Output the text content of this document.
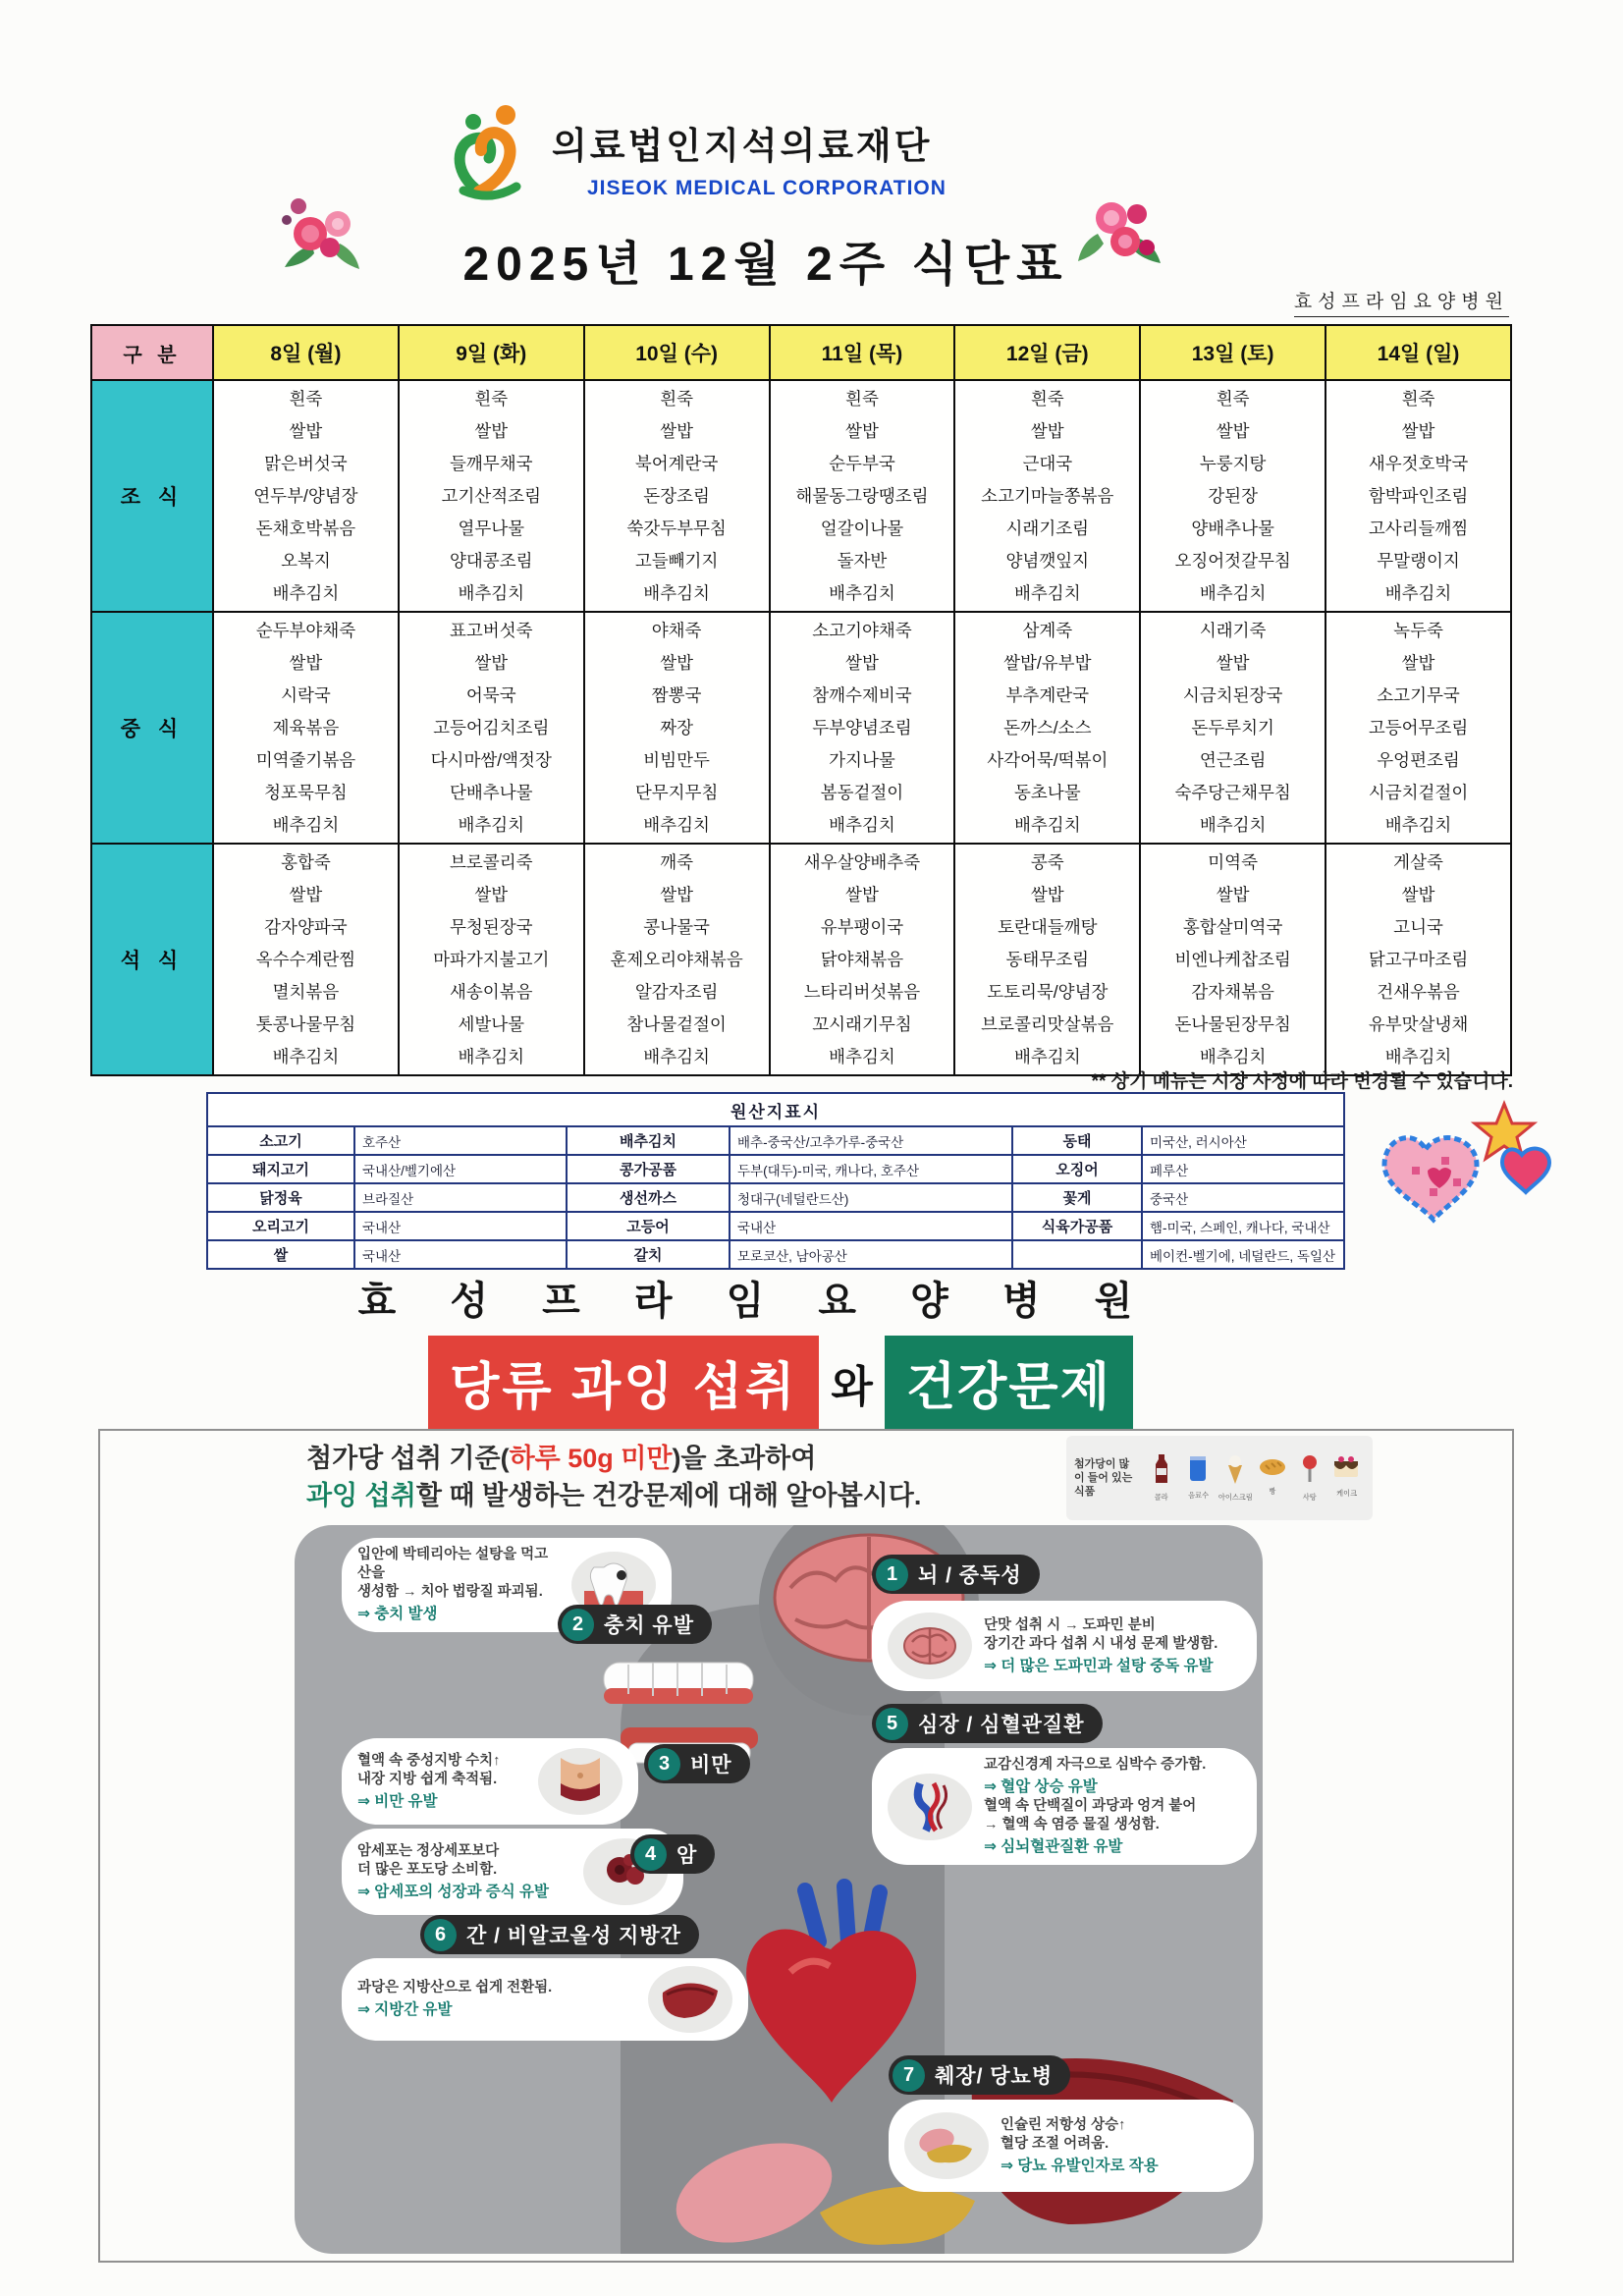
의료법인지석의료재단
JISEOK MEDICAL CORPORATION
2025년 12월 2주 식단표
효성프라임요양병원
구 분	8일 (월)	9일 (화)	10일 (수)	11일 (목)	12일 (금)	13일 (토)	14일 (일)
조 식	
흰죽
쌀밥
맑은버섯국
연두부/양념장
돈채호박볶음
오복지
배추김치

흰죽
쌀밥
들깨무채국
고기산적조림
열무나물
양대콩조림
배추김치

흰죽
쌀밥
북어계란국
돈장조림
쑥갓두부무침
고들빼기지
배추김치

흰죽
쌀밥
순두부국
해물동그랑땡조림
얼갈이나물
돌자반
배추김치

흰죽
쌀밥
근대국
소고기마늘쫑볶음
시래기조림
양념깻잎지
배추김치

흰죽
쌀밥
누룽지탕
강된장
양배추나물
오징어젓갈무침
배추김치

흰죽
쌀밥
새우젓호박국
함박파인조림
고사리들깨찜
무말랭이지
배추김치

중 식	
순두부야채죽
쌀밥
시락국
제육볶음
미역줄기볶음
청포묵무침
배추김치

표고버섯죽
쌀밥
어묵국
고등어김치조림
다시마쌈/액젓장
단배추나물
배추김치

야채죽
쌀밥
짬뽕국
짜장
비빔만두
단무지무침
배추김치

소고기야채죽
쌀밥
참깨수제비국
두부양념조림
가지나물
봄동겉절이
배추김치

삼계죽
쌀밥/유부밥
부추계란국
돈까스/소스
사각어묵/떡볶이
동초나물
배추김치

시래기죽
쌀밥
시금치된장국
돈두루치기
연근조림
숙주당근채무침
배추김치

녹두죽
쌀밥
소고기무국
고등어무조림
우엉편조림
시금치겉절이
배추김치

석 식	
홍합죽
쌀밥
감자양파국
옥수수계란찜
멸치볶음
톳콩나물무침
배추김치

브로콜리죽
쌀밥
무청된장국
마파가지불고기
새송이볶음
세발나물
배추김치

깨죽
쌀밥
콩나물국
훈제오리야채볶음
알감자조림
참나물겉절이
배추김치

새우살양배추죽
쌀밥
유부팽이국
닭야채볶음
느타리버섯볶음
꼬시래기무침
배추김치

콩죽
쌀밥
토란대들깨탕
동태무조림
도토리묵/양념장
브로콜리맛살볶음
배추김치

미역죽
쌀밥
홍합살미역국
비엔나케찹조림
감자채볶음
돈나물된장무침
배추김치

게살죽
쌀밥
고니국
닭고구마조림
건새우볶음
유부맛살냉채
배추김치
** 상기 메뉴는 시장 사정에 따라 변경될 수 있습니다.
원산지표시					
소고기	호주산	배추김치	배추-중국산/고추가루-중국산	동태	미국산, 러시아산
돼지고기	국내산/벨기에산	콩가공품	두부(대두)-미국, 캐나다, 호주산	오징어	페루산
닭정육	브라질산	생선까스	청대구(네덜란드산)	꽃게	중국산
오리고기	국내산	고등어	국내산	식육가공품	햄-미국, 스페인, 캐나다, 국내산
쌀	국내산	갈치	모로코산, 남아공산		베이컨-벨기에, 네덜란드, 독일산
효 성 프 라 임 요 양 병 원
당류 과잉 섭취 와 건강문제
첨가당 섭취 기준(하루 50g 미만)을 초과하여
과잉 섭취할 때 발생하는 건강문제에 대해 알아봅시다.
첨가당이 많이 들어 있는 식품	콜라	음료수 아이스크림
빵
사탕	케이크
1 뇌 / 중독성
단맛 섭취 시 → 도파민 분비
장기간 과다 섭취 시 내성 문제 발생함.
⇒ 더 많은 도파민과 설탕 중독 유발
2 충치 유발
입안에 박테리아는 설탕을 먹고 산을
생성함 → 치아 법랑질 파괴됨.
⇒ 충치 발생
3 비만
혈액 속 중성지방 수치↑
내장 지방 쉽게 축적됨.
⇒ 비만 유발
4 암
암세포는 정상세포보다
더 많은 포도당 소비함.
⇒ 암세포의 성장과 증식 유발
5 심장 / 심혈관질환
교감신경계 자극으로 심박수 증가함.
⇒ 혈압 상승 유발
혈액 속 단백질이 과당과 엉겨 붙어
→ 혈액 속 염증 물질 생성함.
⇒ 심뇌혈관질환 유발
6 간 / 비알코올성 지방간
과당은 지방산으로 쉽게 전환됨.
⇒ 지방간 유발
7 췌장/ 당뇨병
인슐린 저항성 상승↑
혈당 조절 어려움.
⇒ 당뇨 유발인자로 작용
